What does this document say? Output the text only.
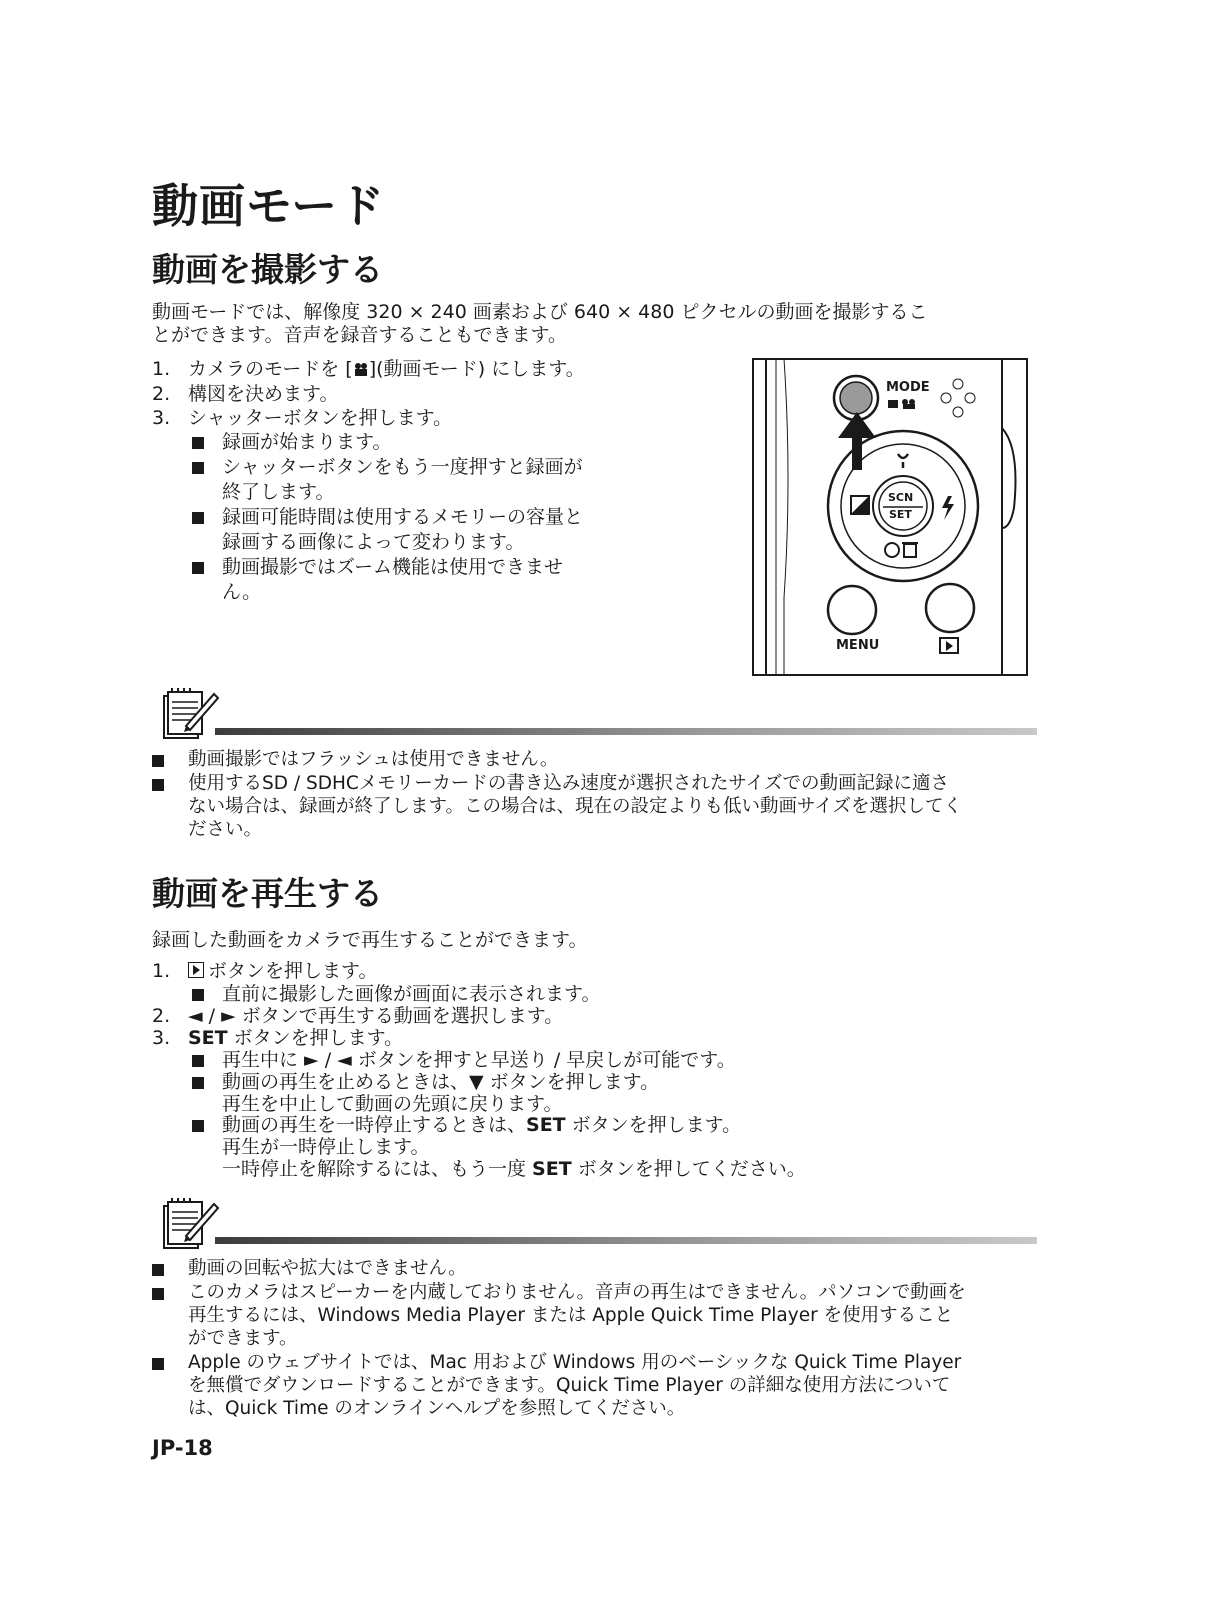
動画モード
動画を撮影する
動画モードでは、解像度 320 × 240 画素および 640 × 480 ピクセルの動画を撮影するこ
とができます。音声を録音することもできます。
1. カメラのモードを [ ](動画モード) にします。
2. 構図を決めます。
3. シャッターボタンを押します。
録画が始まります。
シャッターボタンをもう一度押すと録画が
終了します。
録画可能時間は使用するメモリーの容量と
録画する画像によって変わります。
動画撮影ではズーム機能は使用できませ
ん。
MODE
SCN
SET
MENU
動画撮影ではフラッシュは使用できません。
使用するSD / SDHCメモリーカードの書き込み速度が選択されたサイズでの動画記録に適さ
ない場合は、録画が終了します。この場合は、現在の設定よりも低い動画サイズを選択してく
ださい。
動画を再生する
録画した動画をカメラで再生することができます。
1.	ボタンを押します。
直前に撮影した画像が画面に表示されます。
2. ◄ / ► ボタンで再生する動画を選択します。
3. SET ボタンを押します。
再生中に ► / ◄ ボタンを押すと早送り / 早戻しが可能です。
動画の再生を止めるときは、▼ ボタンを押します。
再生を中止して動画の先頭に戻ります。
動画の再生を一時停止するときは、SET ボタンを押します。
再生が一時停止します。
一時停止を解除するには、もう一度 SET ボタンを押してください。
動画の回転や拡大はできません。
このカメラはスピーカーを内蔵しておりません。音声の再生はできません。パソコンで動画を
再生するには、Windows Media Player または Apple Quick Time Player を使用すること
ができます。
Apple のウェブサイトでは、Mac 用および Windows 用のベーシックな Quick Time Player
を無償でダウンロードすることができます。Quick Time Player の詳細な使用方法について
は、Quick Time のオンラインヘルプを参照してください。
JP-18
